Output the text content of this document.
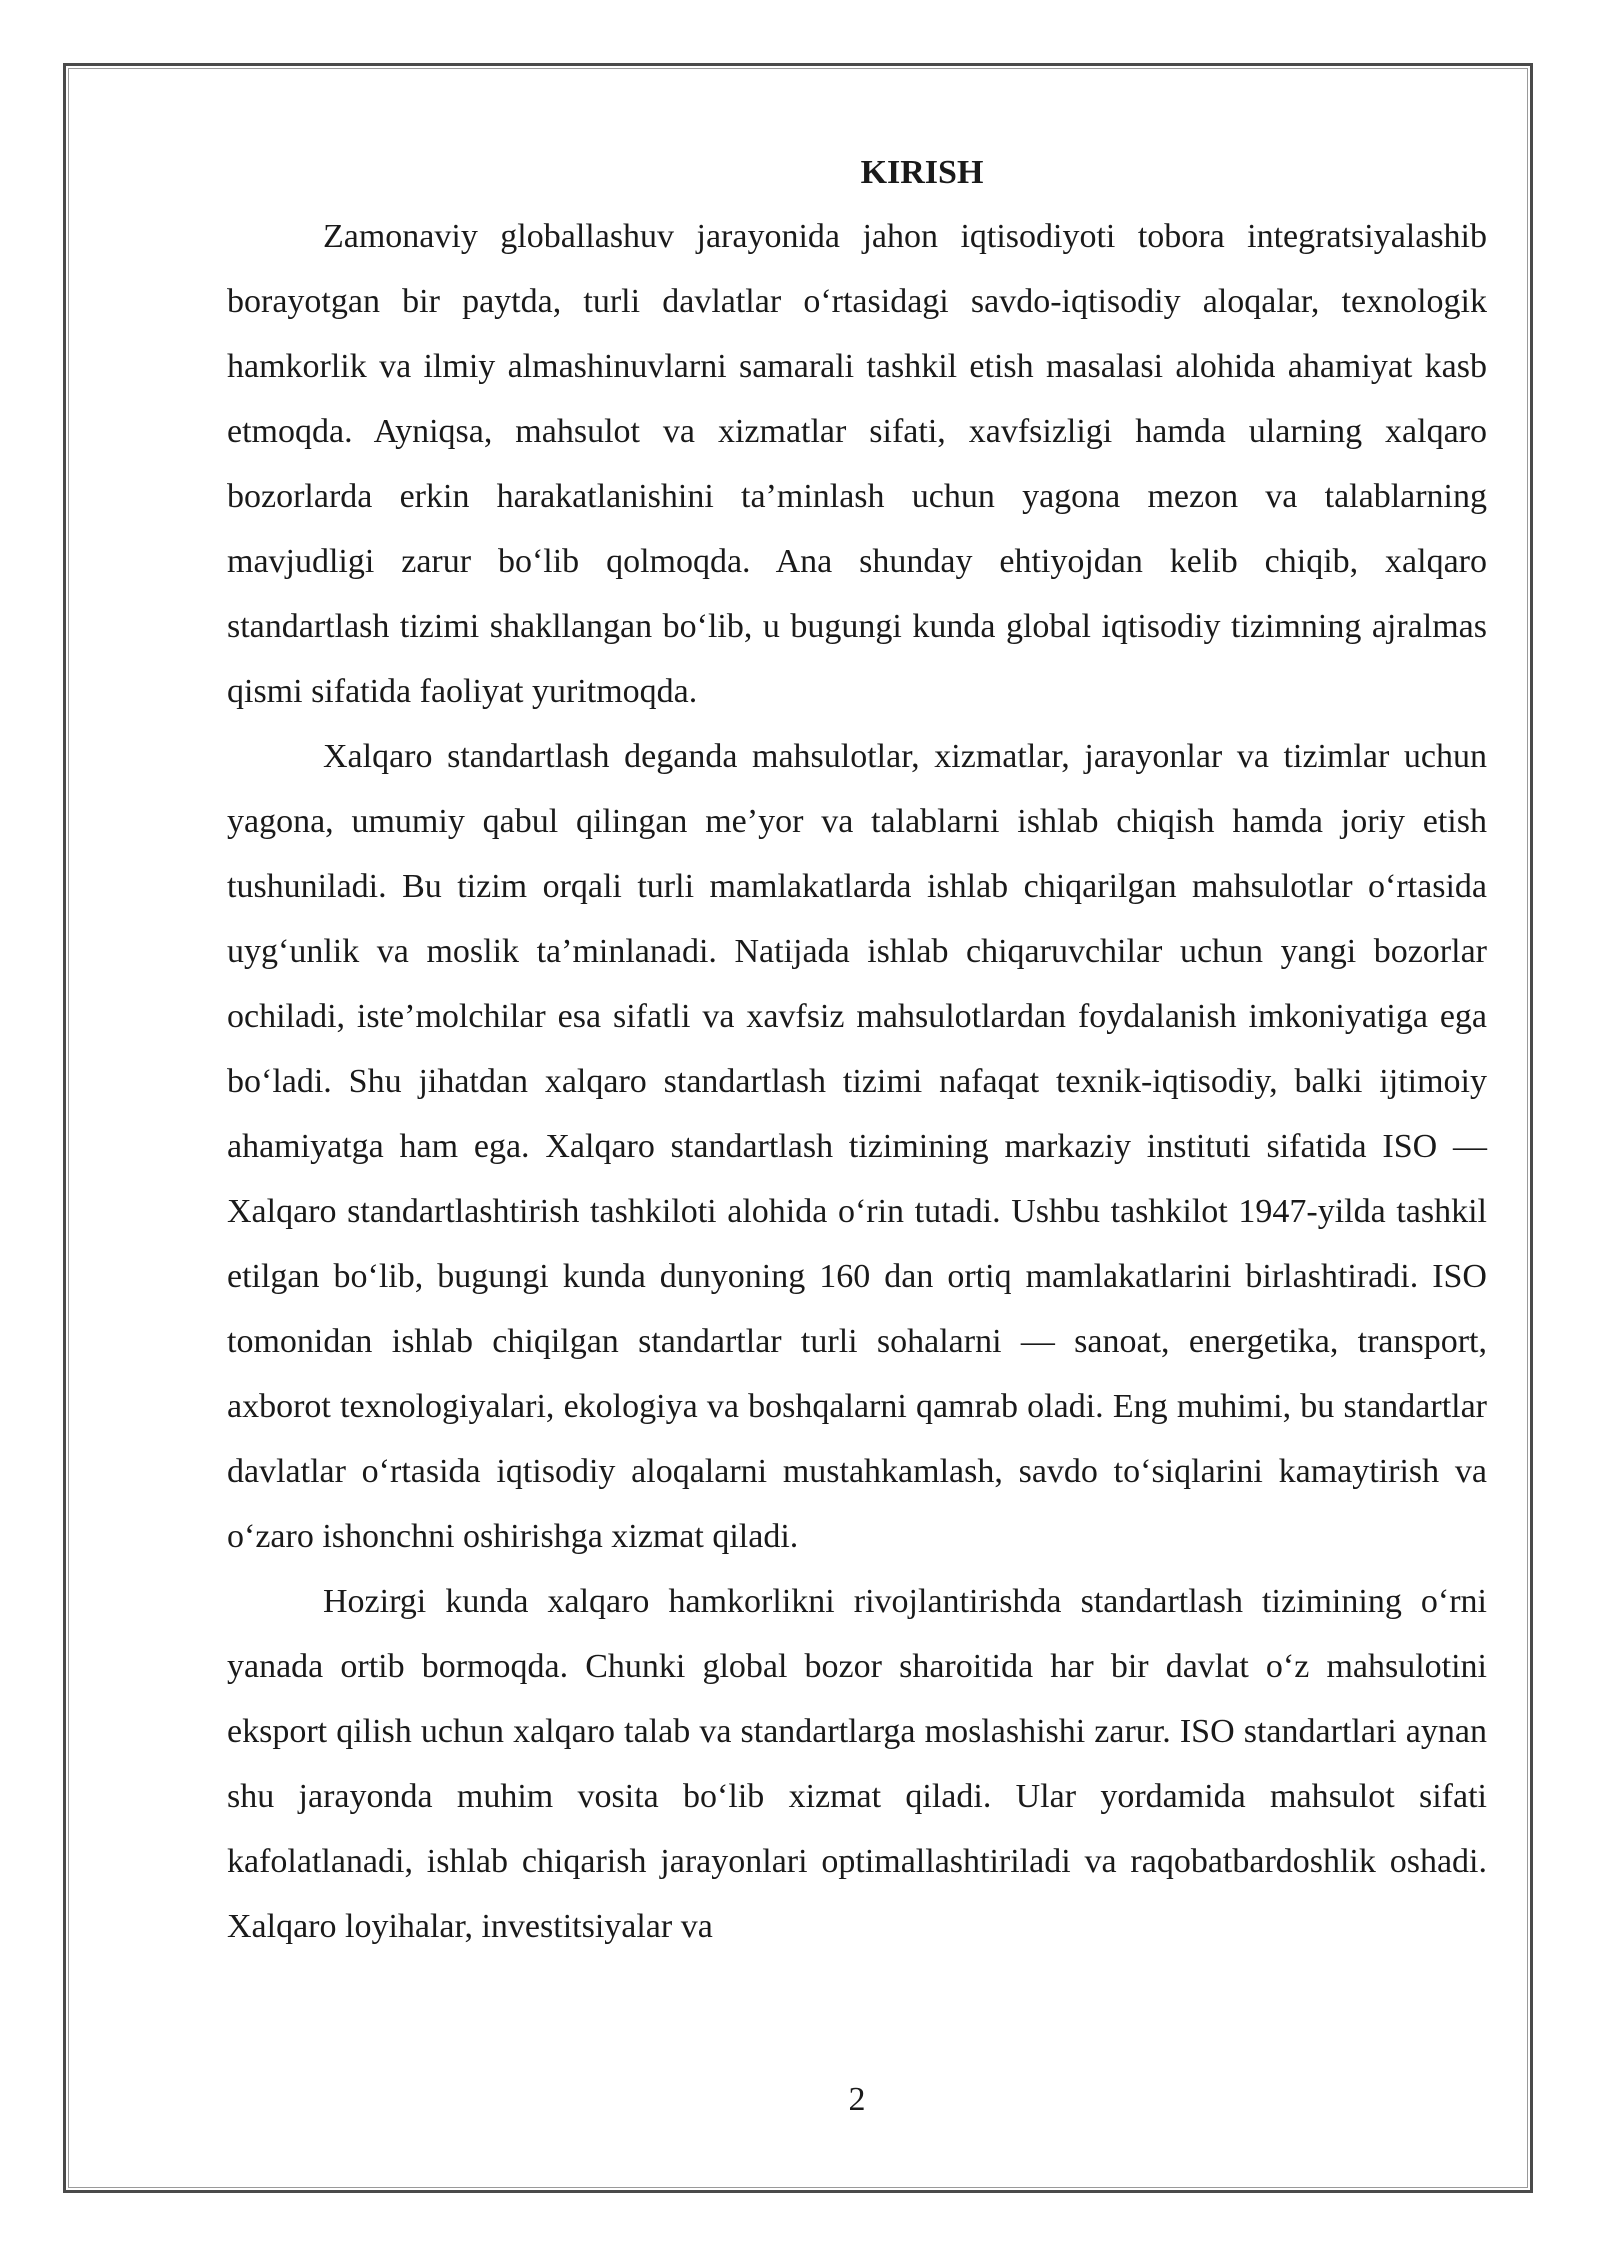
KIRISH

Zamonaviy globallashuv jarayonida jahon iqtisodiyoti tobora integratsiyalashib borayotgan bir paytda, turli davlatlar o‘rtasidagi savdo-iqtisodiy aloqalar, texnologik hamkorlik va ilmiy almashinuvlarni samarali tashkil etish masalasi alohida ahamiyat kasb etmoqda. Ayniqsa, mahsulot va xizmatlar sifati, xavfsizligi hamda ularning xalqaro bozorlarda erkin harakatlanishini ta’minlash uchun yagona mezon va talablarning mavjudligi zarur bo‘lib qolmoqda. Ana shunday ehtiyojdan kelib chiqib, xalqaro standartlash tizimi shakllangan bo‘lib, u bugungi kunda global iqtisodiy tizimning ajralmas qismi sifatida faoliyat yuritmoqda.

Xalqaro standartlash deganda mahsulotlar, xizmatlar, jarayonlar va tizimlar uchun yagona, umumiy qabul qilingan me’yor va talablarni ishlab chiqish hamda joriy etish tushuniladi. Bu tizim orqali turli mamlakatlarda ishlab chiqarilgan mahsulotlar o‘rtasida uyg‘unlik va moslik ta’minlanadi. Natijada ishlab chiqaruvchilar uchun yangi bozorlar ochiladi, iste’molchilar esa sifatli va xavfsiz mahsulotlardan foydalanish imkoniyatiga ega bo‘ladi. Shu jihatdan xalqaro standartlash tizimi nafaqat texnik-iqtisodiy, balki ijtimoiy ahamiyatga ham ega. Xalqaro standartlash tizimining markaziy instituti sifatida ISO — Xalqaro standartlashtirish tashkiloti alohida o‘rin tutadi. Ushbu tashkilot 1947-yilda tashkil etilgan bo‘lib, bugungi kunda dunyoning 160 dan ortiq mamlakatlarini birlashtiradi. ISO tomonidan ishlab chiqilgan standartlar turli sohalarni — sanoat, energetika, transport, axborot texnologiyalari, ekologiya va boshqalarni qamrab oladi. Eng muhimi, bu standartlar davlatlar o‘rtasida iqtisodiy aloqalarni mustahkamlash, savdo to‘siqlarini kamaytirish va o‘zaro ishonchni oshirishga xizmat qiladi.

Hozirgi kunda xalqaro hamkorlikni rivojlantirishda standartlash tizimining o‘rni yanada ortib bormoqda. Chunki global bozor sharoitida har bir davlat o‘z mahsulotini eksport qilish uchun xalqaro talab va standartlarga moslashishi zarur. ISO standartlari aynan shu jarayonda muhim vosita bo‘lib xizmat qiladi. Ular yordamida mahsulot sifati kafolatlanadi, ishlab chiqarish jarayonlari optimallashtiriladi va raqobatbardoshlik oshadi. Xalqaro loyihalar, investitsiyalar va

2
